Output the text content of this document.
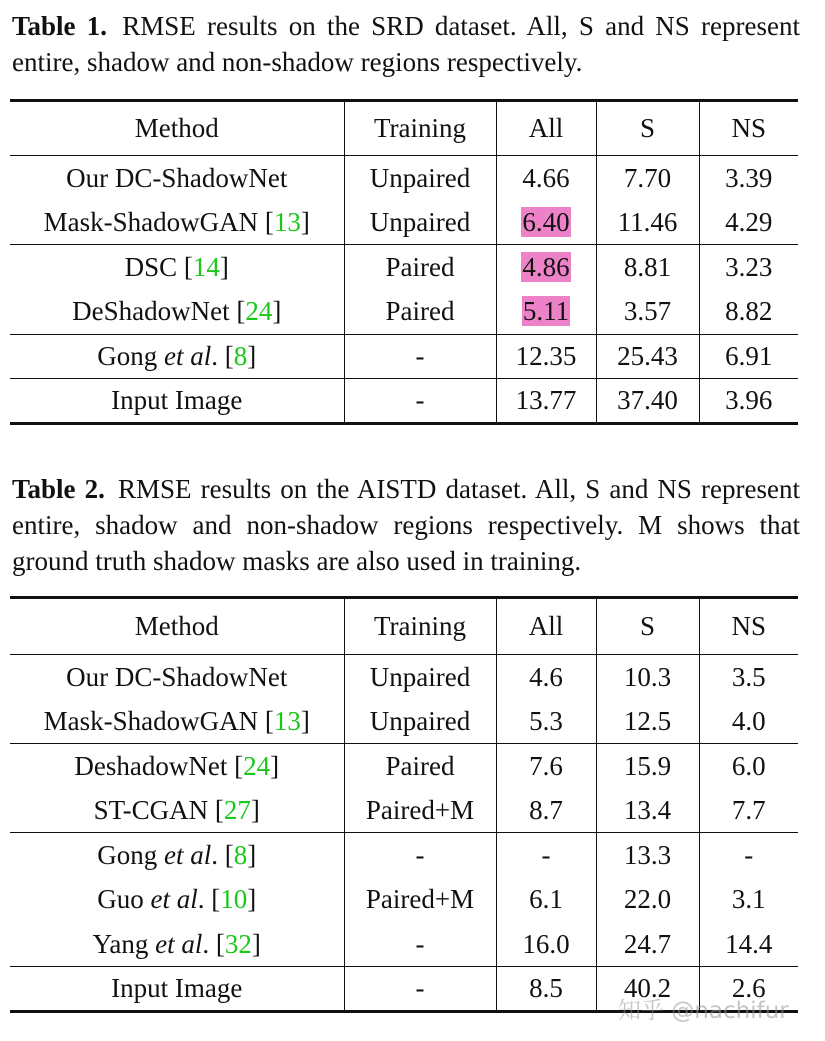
Table 1. RMSE results on the SRD dataset. All, S and NS represent entire, shadow and non-shadow regions respectively.
Method	Training	All	S	NS
Our DC-ShadowNet	Unpaired	4.66	7.70	3.39
Mask-ShadowGAN [13]	Unpaired	6.40	11.46	4.29
DSC [14]	Paired	4.86	8.81	3.23
DeShadowNet [24]	Paired	5.11	3.57	8.82
Gong et al. [8]	-	12.35	25.43	6.91
Input Image	-	13.77	37.40	3.96
Table 2. RMSE results on the AISTD dataset. All, S and NS represent entire, shadow and non-shadow regions respectively. M shows that ground truth shadow masks are also used in training.
Method	Training	All	S	NS
Our DC-ShadowNet	Unpaired	4.6	10.3	3.5
Mask-ShadowGAN [13]	Unpaired	5.3	12.5	4.0
DeshadowNet [24]	Paired	7.6	15.9	6.0
ST-CGAN [27]	Paired+M	8.7	13.4	7.7
Gong et al. [8]	-	-	13.3	-
Guo et al. [10]	Paired+M	6.1	22.0	3.1
Yang et al. [32]	-	16.0	24.7	14.4
Input Image	-	8.5	40.2	2.6
知乎 @nachifur
